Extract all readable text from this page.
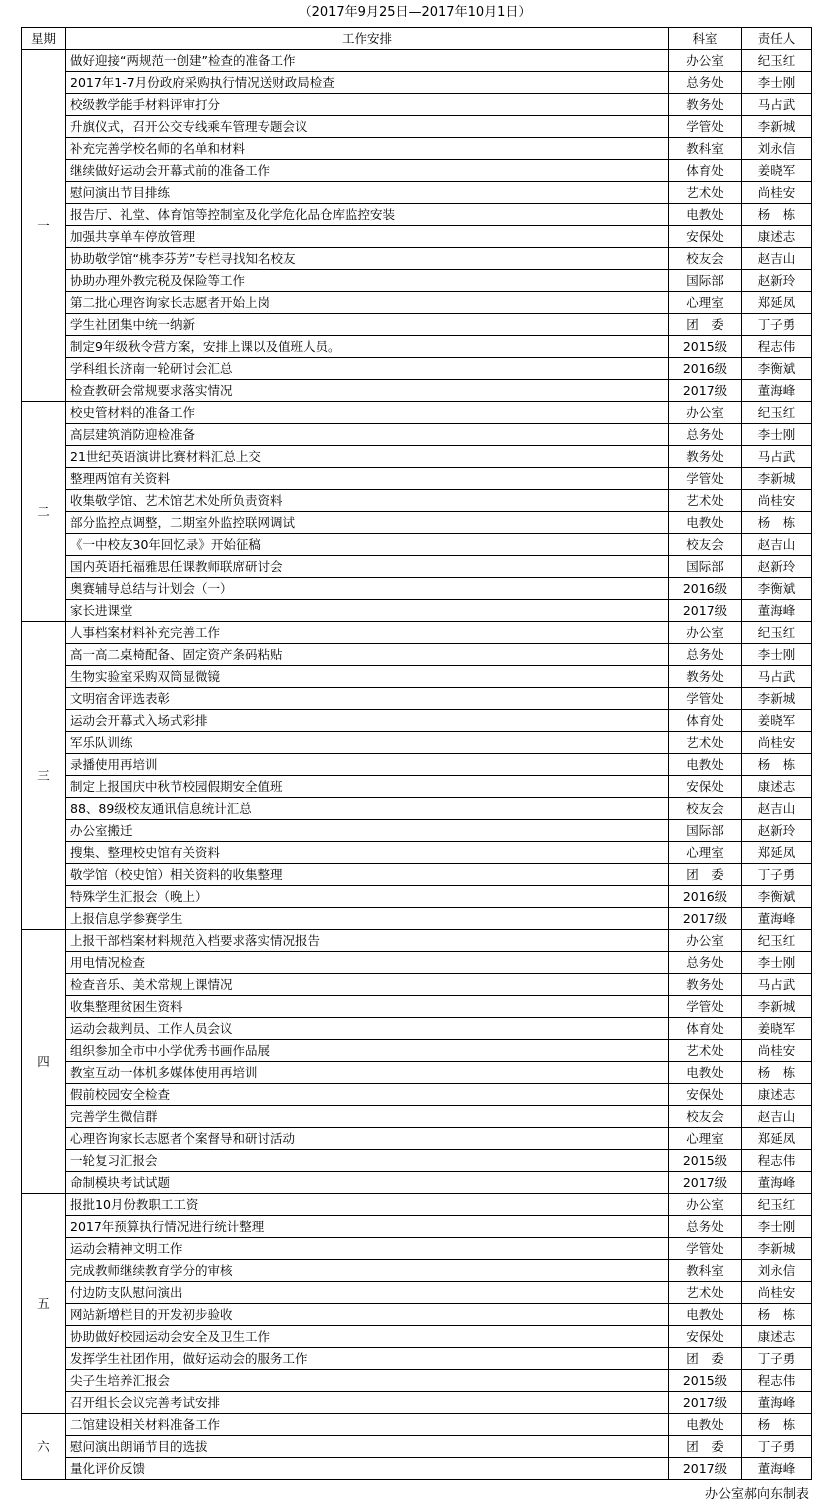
（2017年9月25日—2017年10月1日）
星期	工作安排	科室	责任人
一	做好迎接“两规范一创建”检查的准备工作	办公室	纪玉红
	2017年1-7月份政府采购执行情况送财政局检查	总务处	李士刚
	校级教学能手材料评审打分	教务处	马占武
	升旗仪式，召开公交专线乘车管理专题会议	学管处	李新城
	补充完善学校名师的名单和材料	教科室	刘永信
	继续做好运动会开幕式前的准备工作	体育处	姜晓军
	慰问演出节目排练	艺术处	尚桂安
	报告厅、礼堂、体育馆等控制室及化学危化品仓库监控安装	电教处	杨　栋
	加强共享单车停放管理	安保处	康述志
	协助敬学馆“桃李芬芳”专栏寻找知名校友	校友会	赵吉山
	协助办理外教完税及保险等工作	国际部	赵新玲
	第二批心理咨询家长志愿者开始上岗	心理室	郑延凤
	学生社团集中统一纳新	团　委	丁子勇
	制定9年级秋令营方案，安排上课以及值班人员。	2015级	程志伟
	学科组长济南一轮研讨会汇总	2016级	李衡斌
	检查教研会常规要求落实情况	2017级	董海峰
二	校史管材料的准备工作	办公室	纪玉红
	高层建筑消防迎检准备	总务处	李士刚
	21世纪英语演讲比赛材料汇总上交	教务处	马占武
	整理两馆有关资料	学管处	李新城
	收集敬学馆、艺术馆艺术处所负责资料	艺术处	尚桂安
	部分监控点调整，二期室外监控联网调试	电教处	杨　栋
	《一中校友30年回忆录》开始征稿	校友会	赵吉山
	国内英语托福雅思任课教师联席研讨会	国际部	赵新玲
	奥赛辅导总结与计划会（一）	2016级	李衡斌
	家长进课堂	2017级	董海峰
三	人事档案材料补充完善工作	办公室	纪玉红
	高一高二桌椅配备、固定资产条码粘贴	总务处	李士刚
	生物实验室采购双筒显微镜	教务处	马占武
	文明宿舍评选表彰	学管处	李新城
	运动会开幕式入场式彩排	体育处	姜晓军
	军乐队训练	艺术处	尚桂安
	录播使用再培训	电教处	杨　栋
	制定上报国庆中秋节校园假期安全值班	安保处	康述志
	88、89级校友通讯信息统计汇总	校友会	赵吉山
	办公室搬迁	国际部	赵新玲
	搜集、整理校史馆有关资料	心理室	郑延凤
	敬学馆（校史馆）相关资料的收集整理	团　委	丁子勇
	特殊学生汇报会（晚上）	2016级	李衡斌
	上报信息学参赛学生	2017级	董海峰
四	上报干部档案材料规范入档要求落实情况报告	办公室	纪玉红
	用电情况检查	总务处	李士刚
	检查音乐、美术常规上课情况	教务处	马占武
	收集整理贫困生资料	学管处	李新城
	运动会裁判员、工作人员会议	体育处	姜晓军
	组织参加全市中小学优秀书画作品展	艺术处	尚桂安
	教室互动一体机多媒体使用再培训	电教处	杨　栋
	假前校园安全检查	安保处	康述志
	完善学生微信群	校友会	赵吉山
	心理咨询家长志愿者个案督导和研讨活动	心理室	郑延凤
	一轮复习汇报会	2015级	程志伟
	命制模块考试试题	2017级	董海峰
五	报批10月份教职工工资	办公室	纪玉红
	2017年预算执行情况进行统计整理	总务处	李士刚
	运动会精神文明工作	学管处	李新城
	完成教师继续教育学分的审核	教科室	刘永信
	付边防支队慰问演出	艺术处	尚桂安
	网站新增栏目的开发初步验收	电教处	杨　栋
	协助做好校园运动会安全及卫生工作	安保处	康述志
	发挥学生社团作用，做好运动会的服务工作	团　委	丁子勇
	尖子生培养汇报会	2015级	程志伟
	召开组长会议完善考试安排	2017级	董海峰
六	二馆建设相关材料准备工作	电教处	杨　栋
	慰问演出朗诵节目的选拔	团　委	丁子勇
	量化评价反馈	2017级	董海峰
办公室郝向东制表
